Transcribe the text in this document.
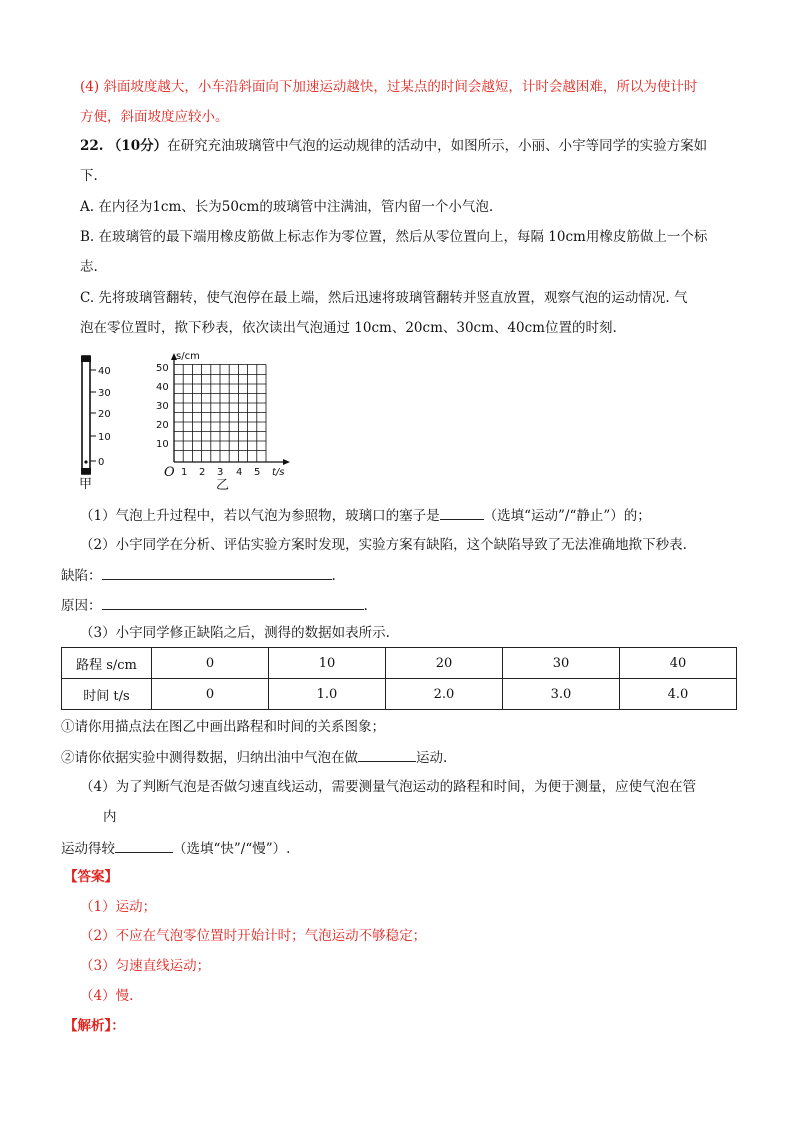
(4) 斜面坡度越大，小车沿斜面向下加速运动越快，过某点的时间会越短，计时会越困难，所以为使计时
方便，斜面坡度应较小。
22. （10分）在研究充油玻璃管中气泡的运动规律的活动中，如图所示，小丽、小宇等同学的实验方案如
下.
A. 在内径为1cm、长为50cm的玻璃管中注满油，管内留一个小气泡.
B. 在玻璃管的最下端用橡皮筋做上标志作为零位置，然后从零位置向上，每隔 10cm用橡皮筋做上一个标
志.
C. 先将玻璃管翻转，使气泡停在最上端，然后迅速将玻璃管翻转并竖直放置，观察气泡的运动情况. 气
泡在零位置时，揿下秒表，依次读出气泡通过 10cm、20cm、30cm、40cm位置的时刻.
40
30
20
10
0
甲
s/cm
50
40
30
20
10
O 1 2 3 4 5 t/s
乙
（1）气泡上升过程中，若以气泡为参照物，玻璃口的塞子是	（选填“运动”/“静止”）的；
（2）小宇同学在分析、评估实验方案时发现，实验方案有缺陷，这个缺陷导致了无法准确地揿下秒表.
缺陷：	.
原因：	.
（3）小宇同学修正缺陷之后，测得的数据如表所示.
路程 s/cm	0	10	20	30	40
时间 t/s	0	1.0	2.0	3.0	4.0
①请你用描点法在图乙中画出路程和时间的关系图象；
②请你依据实验中测得数据，归纳出油中气泡在做	运动.
（4）为了判断气泡是否做匀速直线运动，需要测量气泡运动的路程和时间，为便于测量，应使气泡在管
内
运动得较	（选填“快”/“慢”）.
【答案】
（1）运动；
（2）不应在气泡零位置时开始计时；气泡运动不够稳定；
（3）匀速直线运动；
（4）慢.
【解析】：
